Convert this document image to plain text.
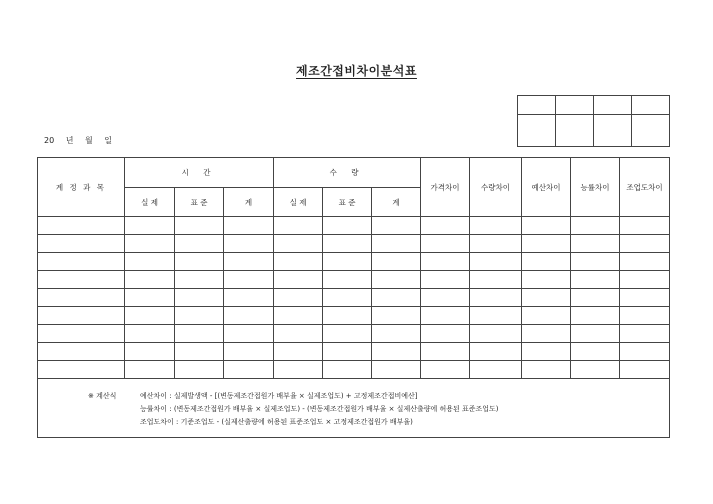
제조간접비차이분석표

20 년 월 일
계 정 과 목	시 간			수 량			가격차이	수량차이	예산차이	능률차이	조업도차이
	실 제	표 준	계	실 제	표 준	계					

※ 계산식 예산차이 : 실제발생액 - [(변동제조간접원가 배부율 × 실제조업도) + 고정제조간접비예산]
능률차이 : (변동제조간접원가 배부율 × 실제조업도) - (변동제조간접원가 배부율 × 실제산출량에 허용된 표준조업도)
조업도차이 : 기준조업도 - (실제산출량에 허용된 표준조업도 × 고정제조간접원가 배부율)											
